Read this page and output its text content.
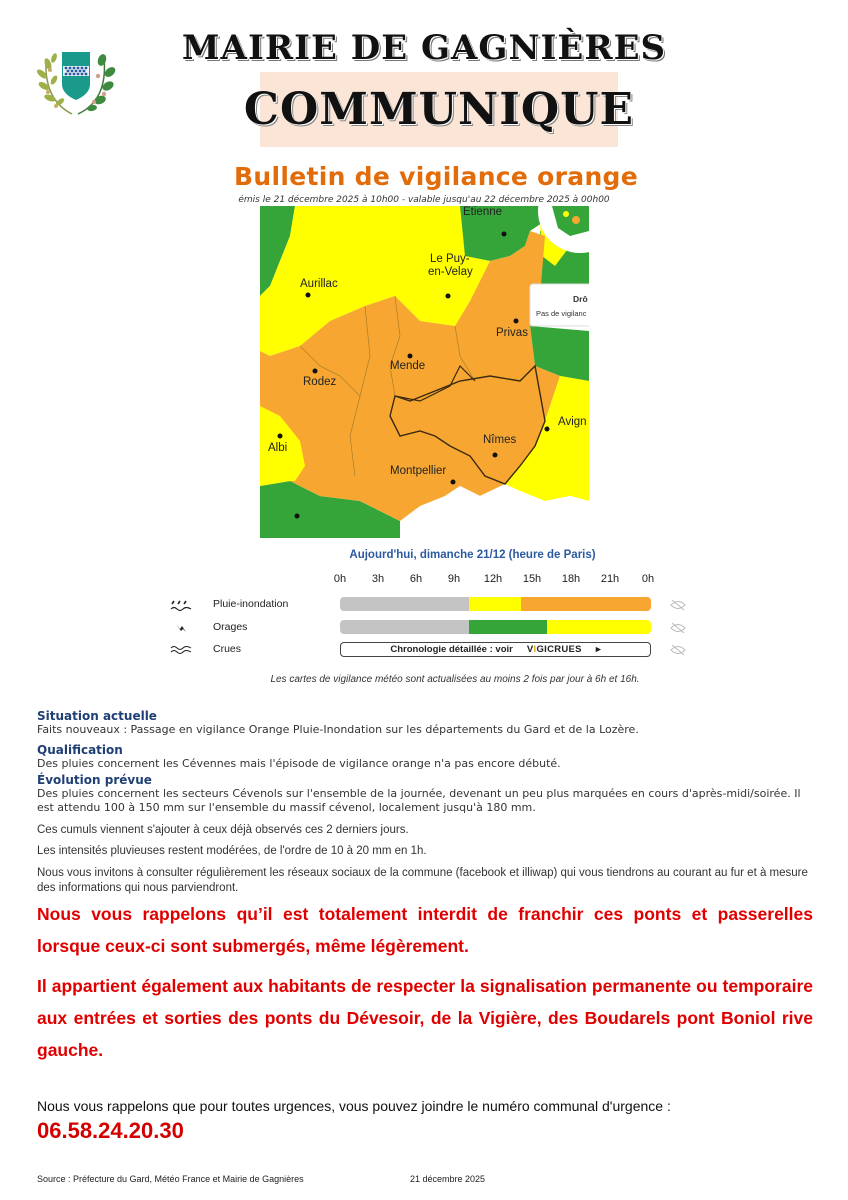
MAIRIE DE GAGNIÈRES
COMMUNIQUE
Bulletin de vigilance orange
émis le 21 décembre 2025 à 10h00 - valable jusqu'au 22 décembre 2025 à 00h00
Etienne
Le Puy-
en-Velay
Aurillac
Privas
Mende
Rodez
Albi
Nîmes
Montpellier
Avign
Drô
Pas de vigilanc
Aujourd'hui, dimanche 21/12 (heure de Paris)
0h 3h 6h 9h 12h 15h 18h 21h 0h
Pluie-inondation
Orages
Crues	Chronologie détaillée : voir VIGICRUES ▸
Les cartes de vigilance météo sont actualisées au moins 2 fois par jour à 6h et 16h.
Situation actuelle
Faits nouveaux : Passage en vigilance Orange Pluie-Inondation sur les départements du Gard et de la Lozère.
Qualification
Des pluies concernent les Cévennes mais l'épisode de vigilance orange n'a pas encore débuté.
Évolution prévue
Des pluies concernent les secteurs Cévenols sur l'ensemble de la journée, devenant un peu plus marquées en cours d'après-midi/soirée. Il est attendu 100 à 150 mm sur l'ensemble du massif cévenol, localement jusqu'à 180 mm.
Ces cumuls viennent s'ajouter à ceux déjà observés ces 2 derniers jours.
Les intensités pluvieuses restent modérées, de l'ordre de 10 à 20 mm en 1h.
Nous vous invitons à consulter régulièrement les réseaux sociaux de la commune (facebook et illiwap) qui vous tiendrons au courant au fur et à mesure des informations qui nous parviendront.
Nous vous rappelons qu’il est totalement interdit de franchir ces ponts et passerelles lorsque ceux-ci sont submergés, même légèrement.
Il appartient également aux habitants de respecter la signalisation permanente ou temporaire aux entrées et sorties des ponts du Dévesoir, de la Vigière, des Boudarels pont Boniol rive gauche.
Nous vous rappelons que pour toutes urgences, vous pouvez joindre le numéro communal d'urgence :
06.58.24.20.30
Source : Préfecture du Gard, Météo France et Mairie de Gagnières	21 décembre 2025
